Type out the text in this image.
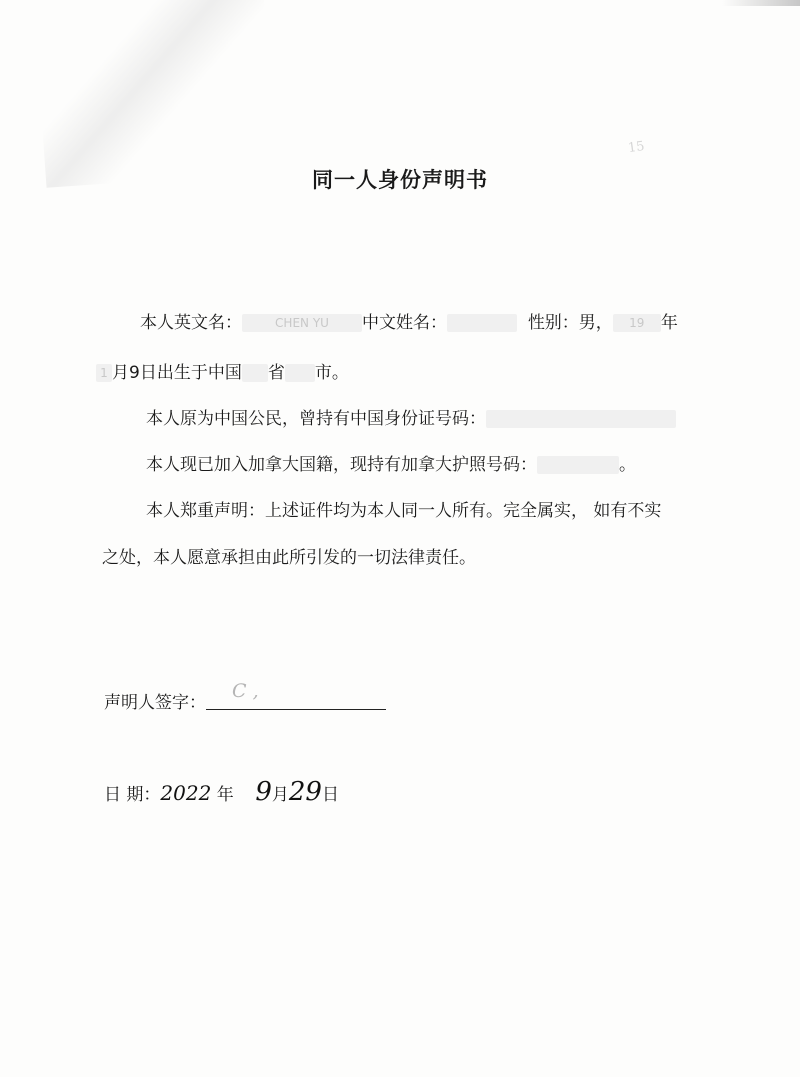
15
同一人身份声明书
本人英文名：	CHEN YU 中文姓名：	性别：男， 19 年
1 月9日出生于中国 省 市。
本人原为中国公民，曾持有中国身份证号码：
本人现已加入加拿大国籍，现持有加拿大护照号码：	。
本人郑重声明：上述证件均为本人同一人所有。完全属实， 如有不实
之处，本人愿意承担由此所引发的一切法律责任。
声明人签字：
C ,
日 期：2022 年 9月29日
